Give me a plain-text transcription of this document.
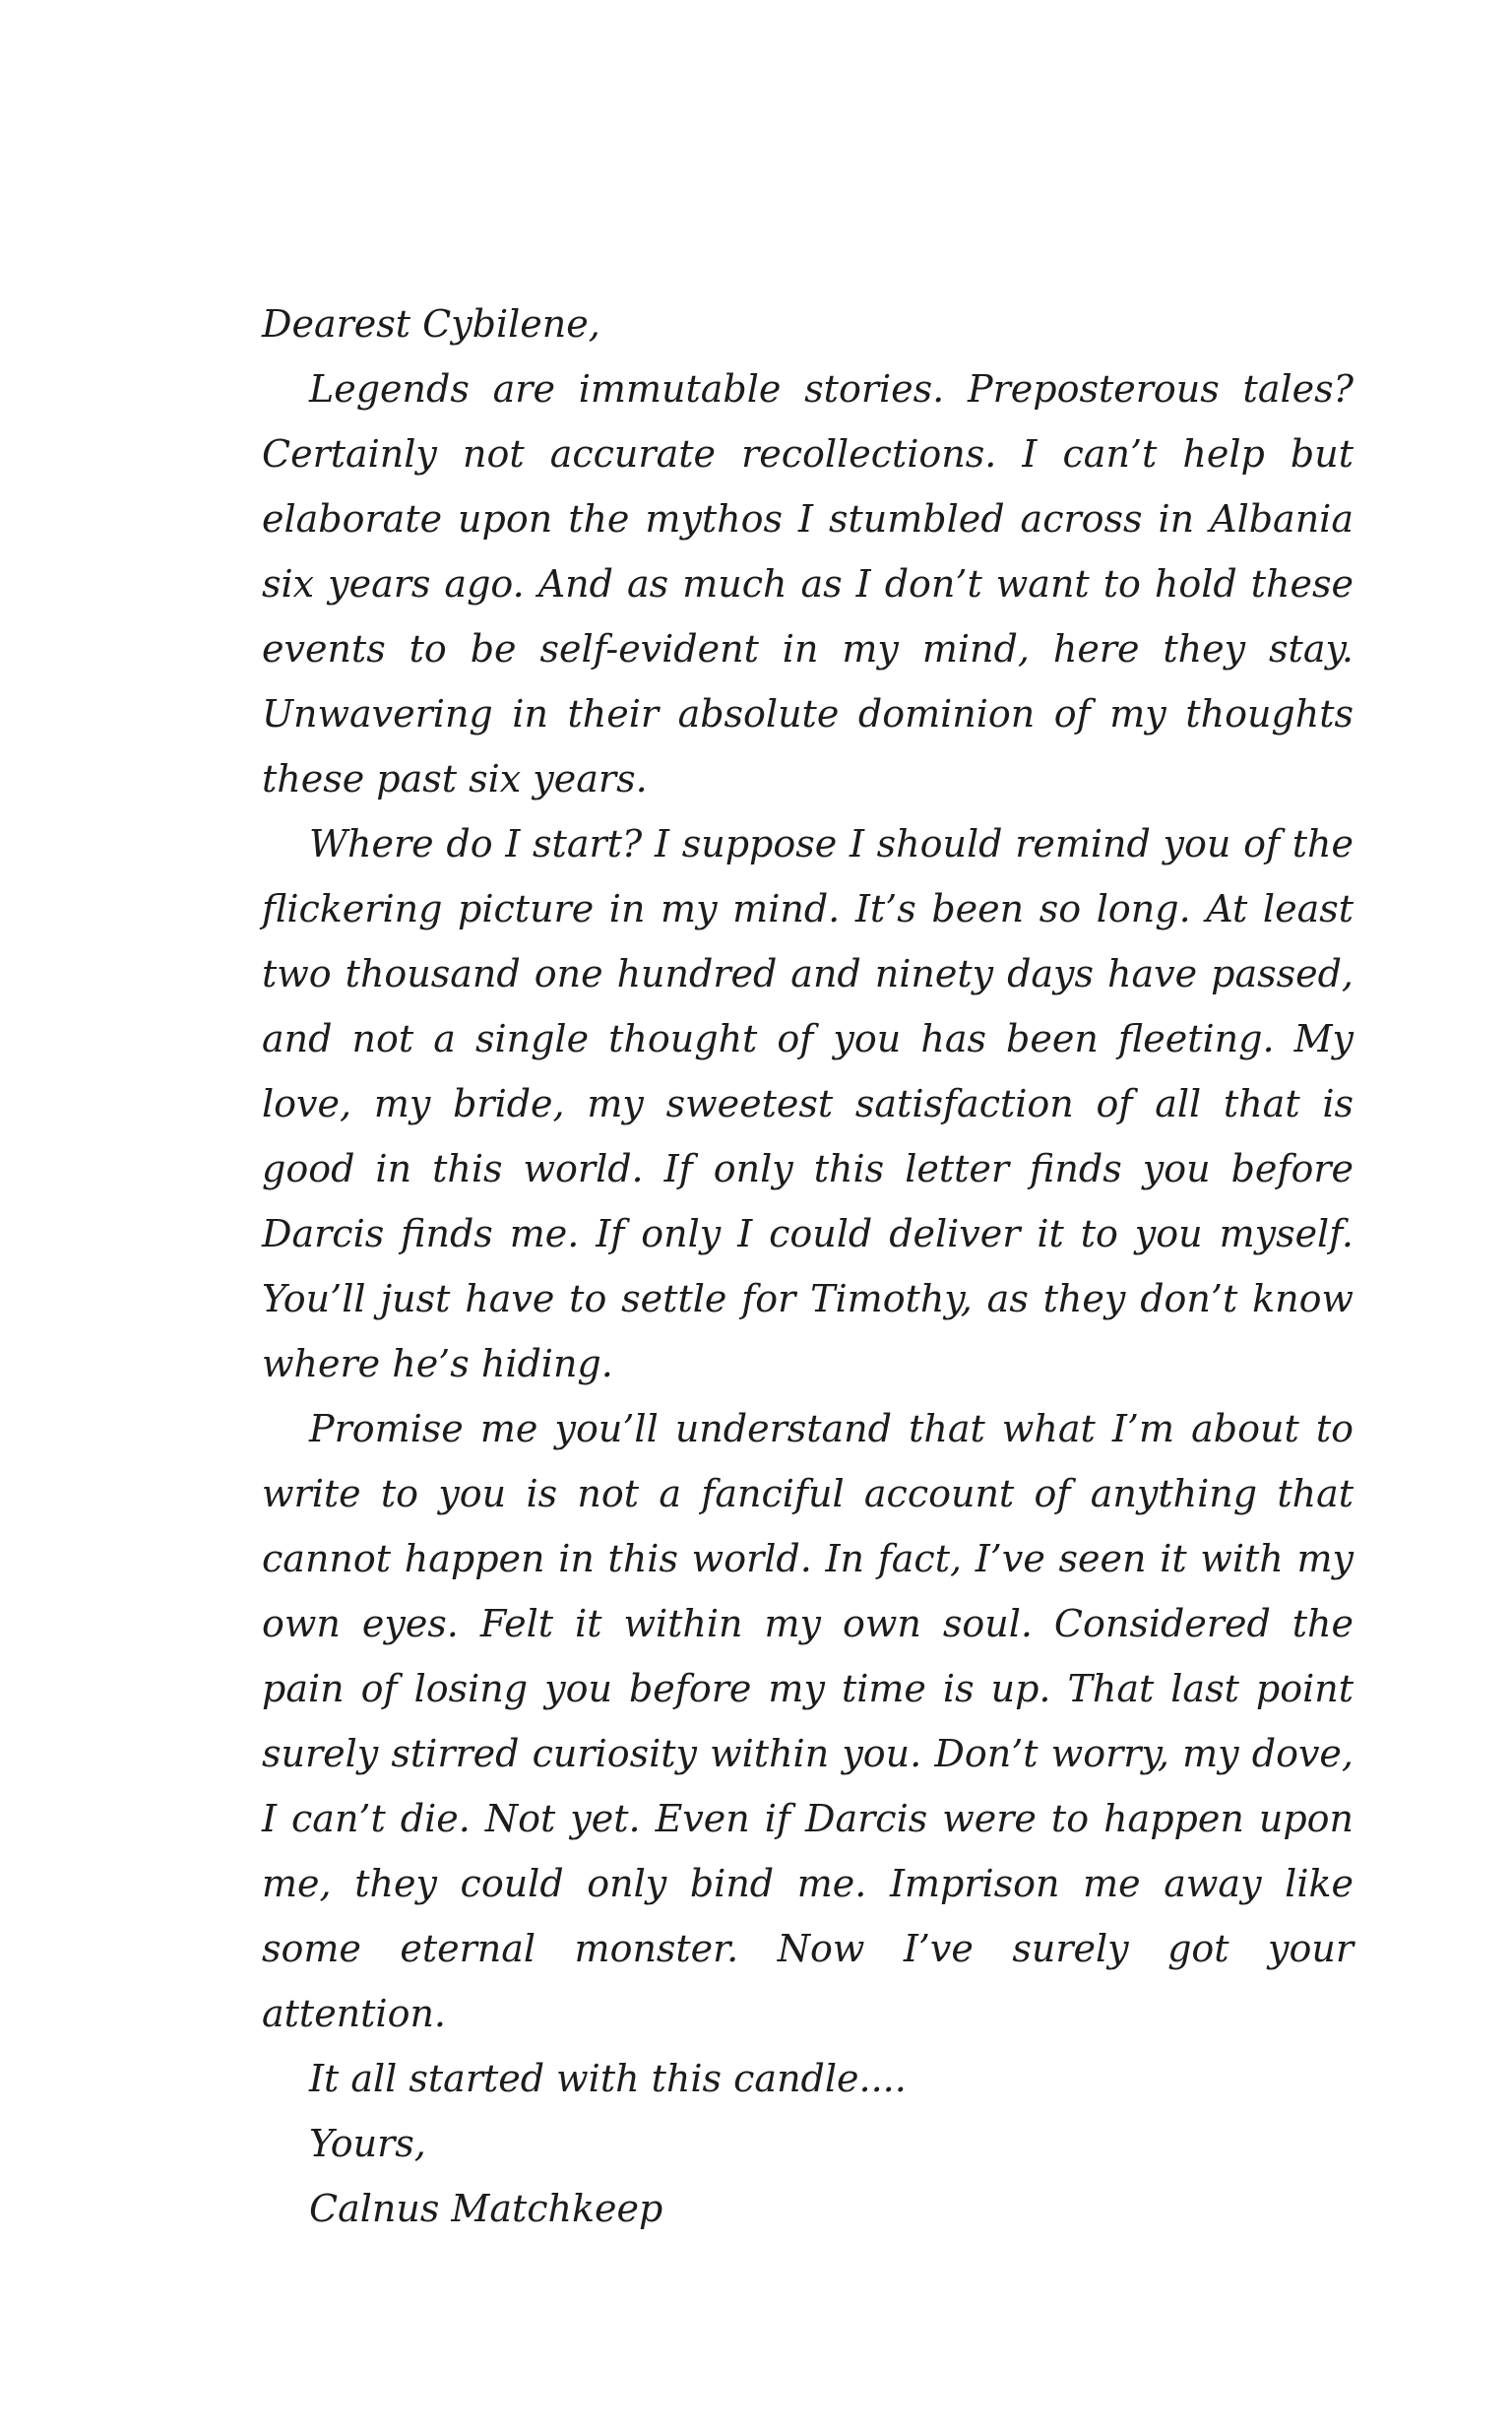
Dearest Cybilene,

Legends are immutable stories. Preposterous tales? Certainly not accurate recollections. I can’t help but elaborate upon the mythos I stumbled across in Albania six years ago. And as much as I don’t want to hold these events to be self-evident in my mind, here they stay. Unwavering in their absolute dominion of my thoughts these past six years.

Where do I start? I suppose I should remind you of the flickering picture in my mind. It’s been so long. At least two thousand one hundred and ninety days have passed, and not a single thought of you has been fleeting. My love, my bride, my sweetest satisfaction of all that is good in this world. If only this letter finds you before Darcis finds me. If only I could deliver it to you myself. You’ll just have to settle for Timothy, as they don’t know where he’s hiding.

Promise me you’ll understand that what I’m about to write to you is not a fanciful account of anything that cannot happen in this world. In fact, I’ve seen it with my own eyes. Felt it within my own soul. Considered the pain of losing you before my time is up. That last point surely stirred curiosity within you. Don’t worry, my dove, I can’t die. Not yet. Even if Darcis were to happen upon me, they could only bind me. Imprison me away like some eternal monster. Now I’ve surely got your attention.

It all started with this candle....

Yours,

Calnus Matchkeep
